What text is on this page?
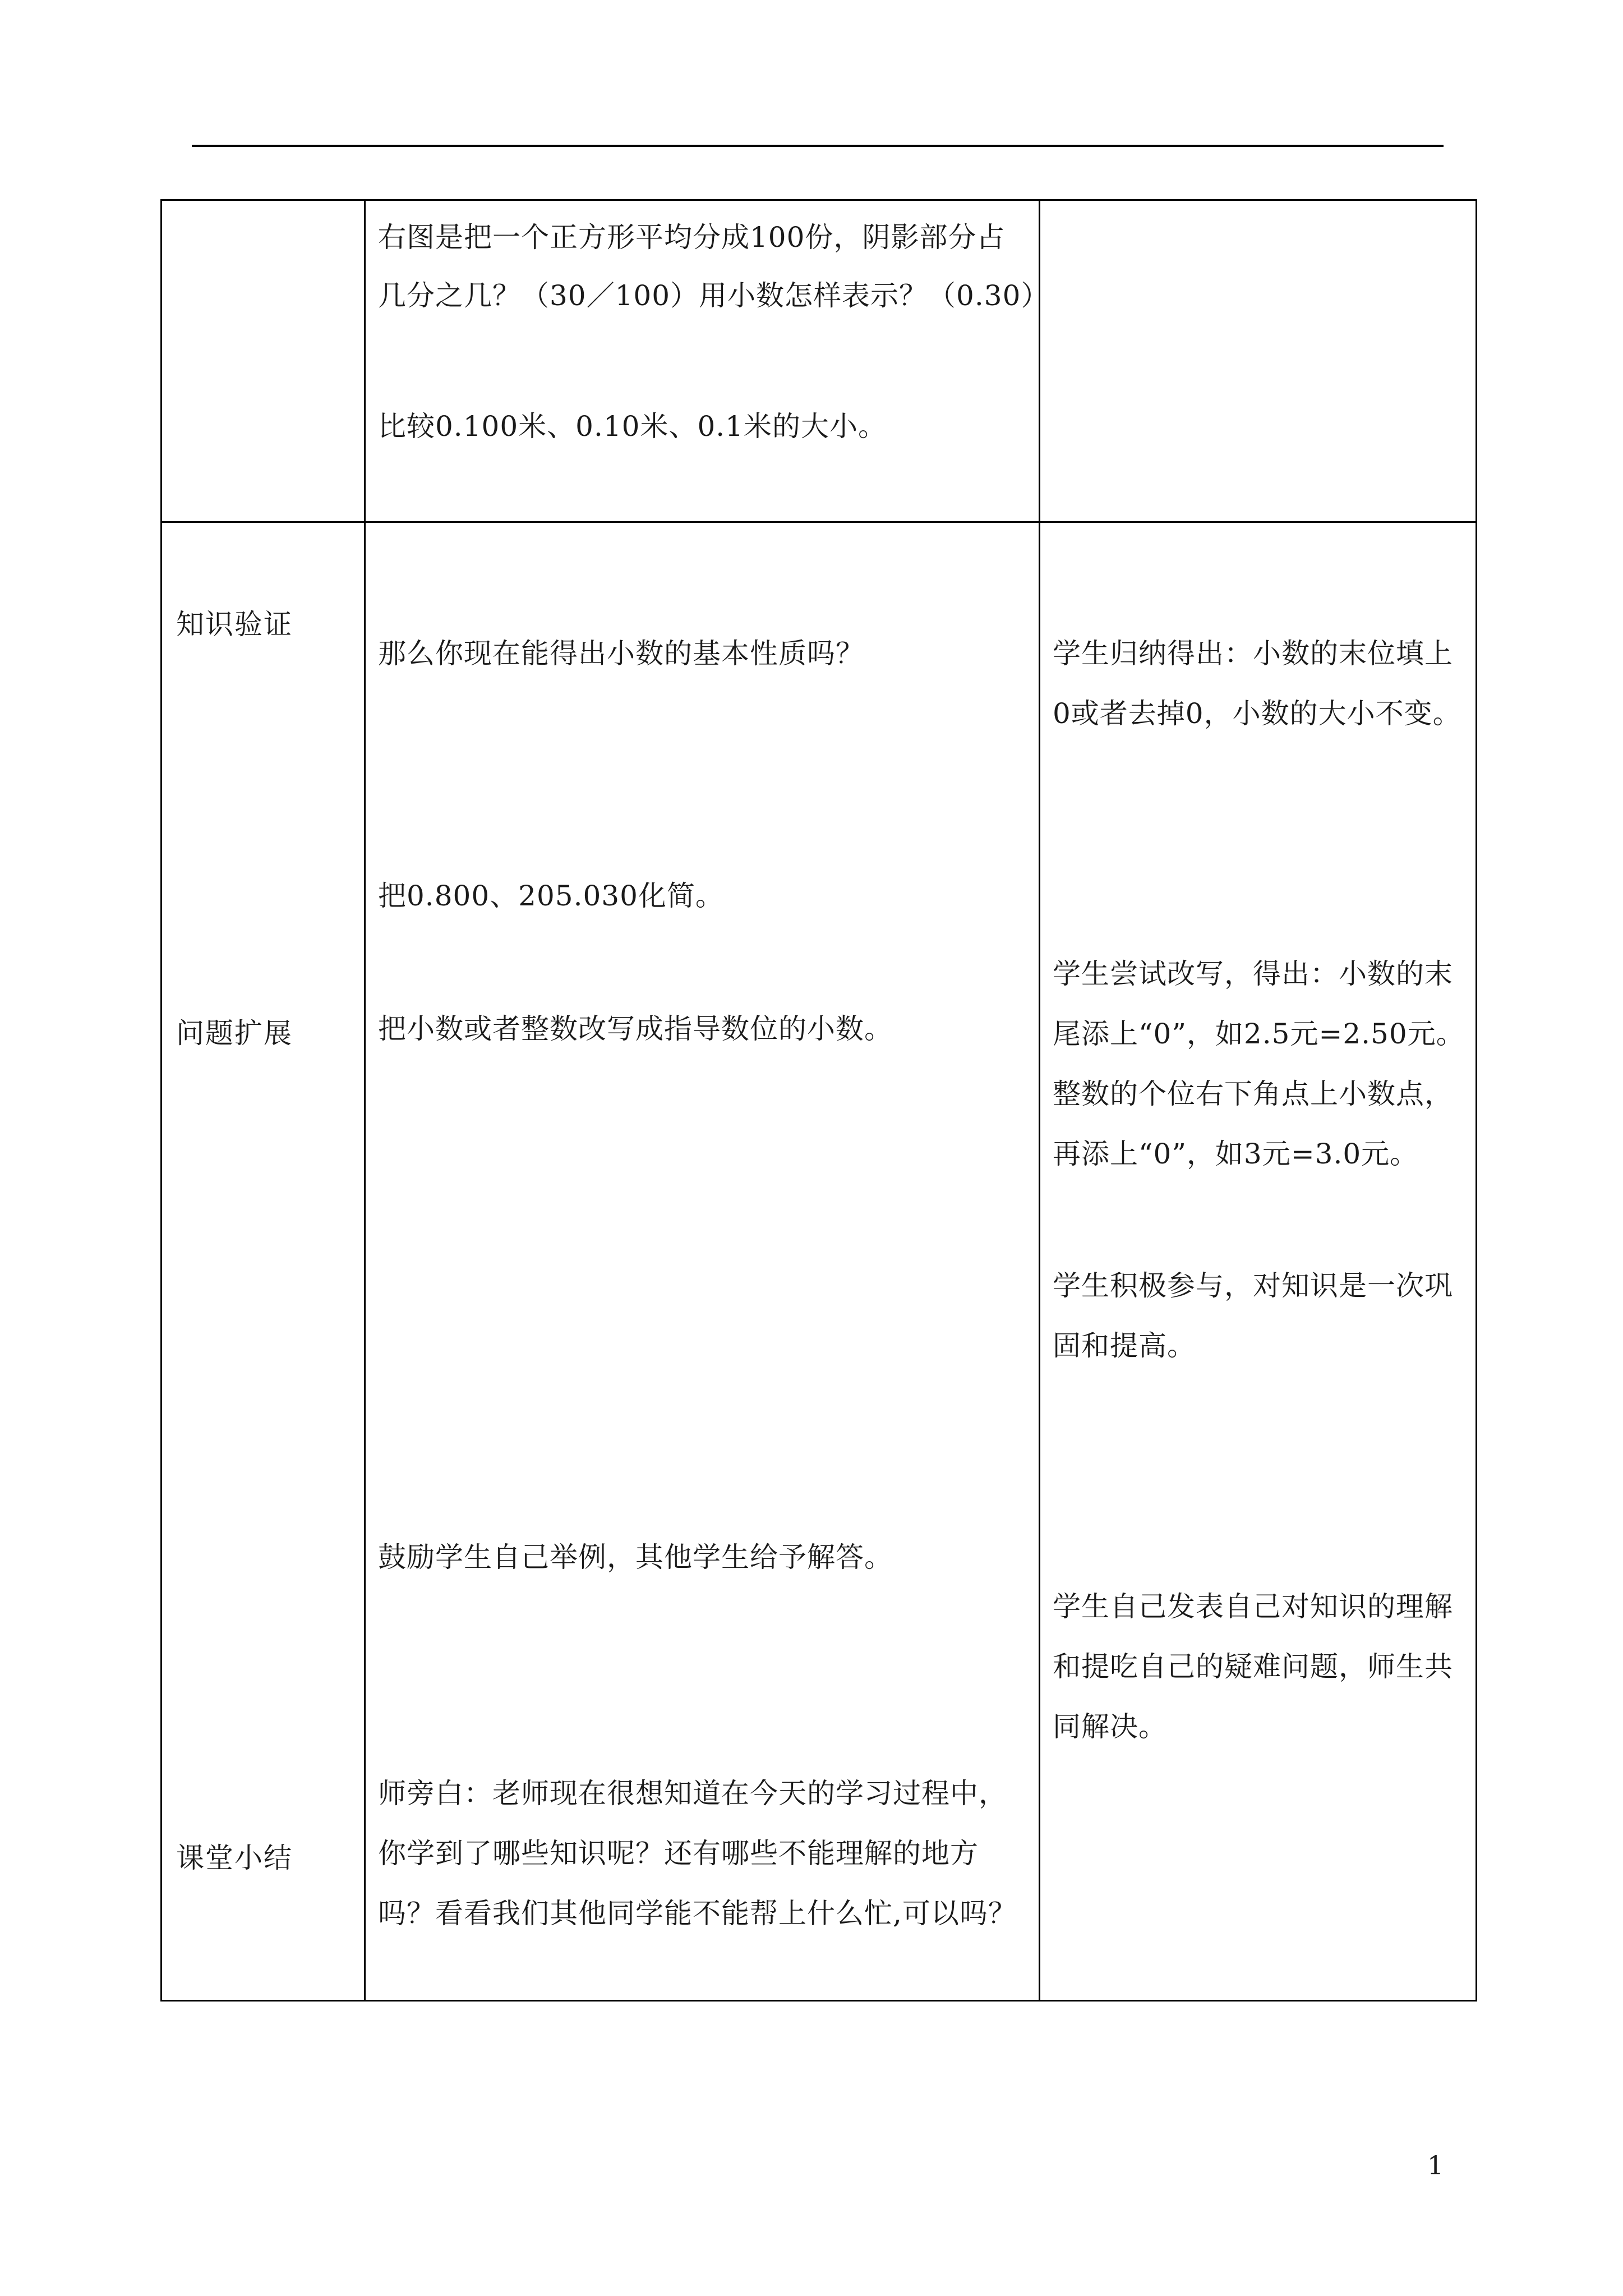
知识验证
右图是把一个正方形平均分成100份，阴影部分占
几分之几？（30／100）用小数怎样表示？（0.30）
比较0.100米、0.10米、0.1米的大小。
问题扩展
课堂小结
那么你现在能得出小数的基本性质吗？
把0.800、205.030化简。
把小数或者整数改写成指导数位的小数。
鼓励学生自己举例，其他学生给予解答。
师旁白：老师现在很想知道在今天的学习过程中，
你学到了哪些知识呢？还有哪些不能理解的地方
吗？看看我们其他同学能不能帮上什么忙,可以吗？
学生归纳得出：小数的末位填上
0或者去掉0，小数的大小不变。
学生尝试改写，得出：小数的末
尾添上“0”，如2.5元=2.50元。
整数的个位右下角点上小数点，
再添上“0”，如3元=3.0元。
学生积极参与，对知识是一次巩
固和提高。
学生自己发表自己对知识的理解
和提吃自己的疑难问题，师生共
同解决。
1
